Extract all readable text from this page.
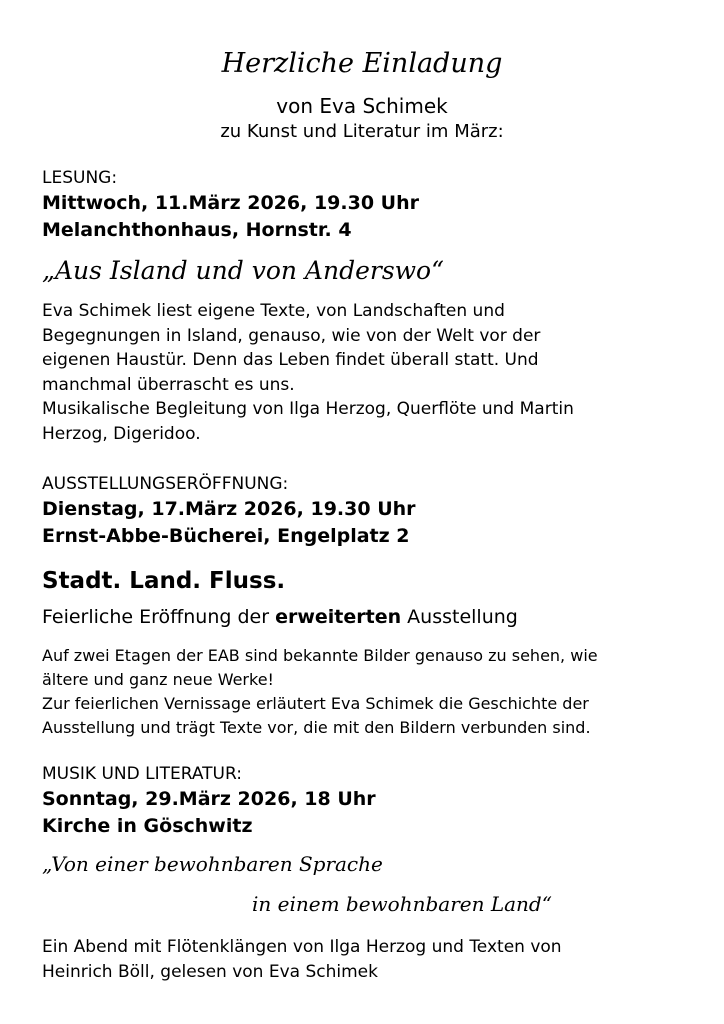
Herzliche Einladung
von Eva Schimek
zu Kunst und Literatur im März:
LESUNG:
Mittwoch, 11.März 2026, 19.30 Uhr
Melanchthonhaus, Hornstr. 4
„Aus Island und von Anderswo“
Eva Schimek liest eigene Texte, von Landschaften und
Begegnungen in Island, genauso, wie von der Welt vor der
eigenen Haustür. Denn das Leben findet überall statt. Und
manchmal überrascht es uns.
Musikalische Begleitung von Ilga Herzog, Querflöte und Martin
Herzog, Digeridoo.
AUSSTELLUNGSERÖFFNUNG:
Dienstag, 17.März 2026, 19.30 Uhr
Ernst-Abbe-Bücherei, Engelplatz 2
Stadt. Land. Fluss.
Feierliche Eröffnung der erweiterten Ausstellung
Auf zwei Etagen der EAB sind bekannte Bilder genauso zu sehen, wie
ältere und ganz neue Werke!
Zur feierlichen Vernissage erläutert Eva Schimek die Geschichte der
Ausstellung und trägt Texte vor, die mit den Bildern verbunden sind.
MUSIK UND LITERATUR:
Sonntag, 29.März 2026, 18 Uhr
Kirche in Göschwitz
„Von einer bewohnbaren Sprache
in einem bewohnbaren Land“
Ein Abend mit Flötenklängen von Ilga Herzog und Texten von
Heinrich Böll, gelesen von Eva Schimek
